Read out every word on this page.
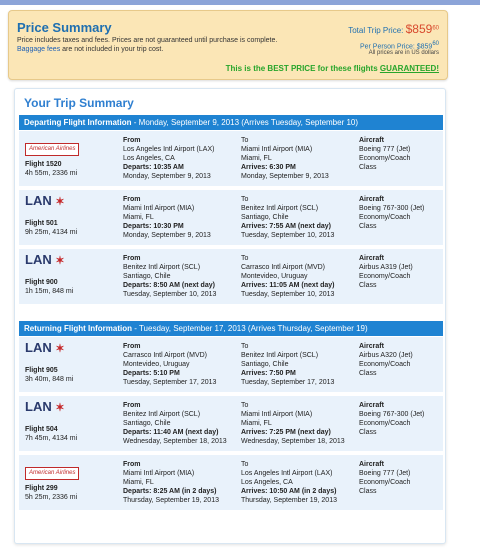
Price Summary
Price includes taxes and fees. Prices are not guaranteed until purchase is complete.
Baggage fees are not included in your trip cost.
Total Trip Price: $\$859^{60}$
Per Person Price: $85960
All prices are in US dollars
This is the BEST PRICE for these flights GUARANTEED!
Your Trip Summary
Departing Flight Information - Monday, September 9, 2013 (Arrives Tuesday, September 10)
Returning Flight Information - Tuesday, September 17, 2013 (Arrives Thursday, September 19)
American Airlines
Flight 1520
4h 55m, 2336 mi
From
Los Angeles Intl Airport (LAX)
Los Angeles, CA
Departs: 10:35 AM
Monday, September 9, 2013
To
Miami Intl Airport (MIA)
Miami, FL
Arrives: 6:30 PM
Monday, September 9, 2013
Aircraft
Boeing 777 (Jet)
Economy/Coach
Class
LAN ✶
Flight 501
9h 25m, 4134 mi
From
Miami Intl Airport (MIA)
Miami, FL
Departs: 10:30 PM
Monday, September 9, 2013
To
Benitez Intl Airport (SCL)
Santiago, Chile
Arrives: 7:55 AM (next day)
Tuesday, September 10, 2013
Aircraft
Boeing 767-300 (Jet)
Economy/Coach
Class
LAN ✶
Flight 900
1h 15m, 848 mi
From
Benitez Intl Airport (SCL)
Santiago, Chile
Departs: 8:50 AM (next day)
Tuesday, September 10, 2013
To
Carrasco Intl Airport (MVD)
Montevideo, Uruguay
Arrives: 11:05 AM (next day)
Tuesday, September 10, 2013
Aircraft
Airbus A319 (Jet)
Economy/Coach
Class
LAN ✶
Flight 905
3h 40m, 848 mi
From
Carrasco Intl Airport (MVD)
Montevideo, Uruguay
Departs: 5:10 PM
Tuesday, September 17, 2013
To
Benitez Intl Airport (SCL)
Santiago, Chile
Arrives: 7:50 PM
Tuesday, September 17, 2013
Aircraft
Airbus A320 (Jet)
Economy/Coach
Class
LAN ✶
Flight 504
7h 45m, 4134 mi
From
Benitez Intl Airport (SCL)
Santiago, Chile
Departs: 11:40 AM (next day)
Wednesday, September 18, 2013
To
Miami Intl Airport (MIA)
Miami, FL
Arrives: 7:25 PM (next day)
Wednesday, September 18, 2013
Aircraft
Boeing 767-300 (Jet)
Economy/Coach
Class
American Airlines
Flight 299
5h 25m, 2336 mi
From
Miami Intl Airport (MIA)
Miami, FL
Departs: 8:25 AM (in 2 days)
Thursday, September 19, 2013
To
Los Angeles Intl Airport (LAX)
Los Angeles, CA
Arrives: 10:50 AM (in 2 days)
Thursday, September 19, 2013
Aircraft
Boeing 777 (Jet)
Economy/Coach
Class
